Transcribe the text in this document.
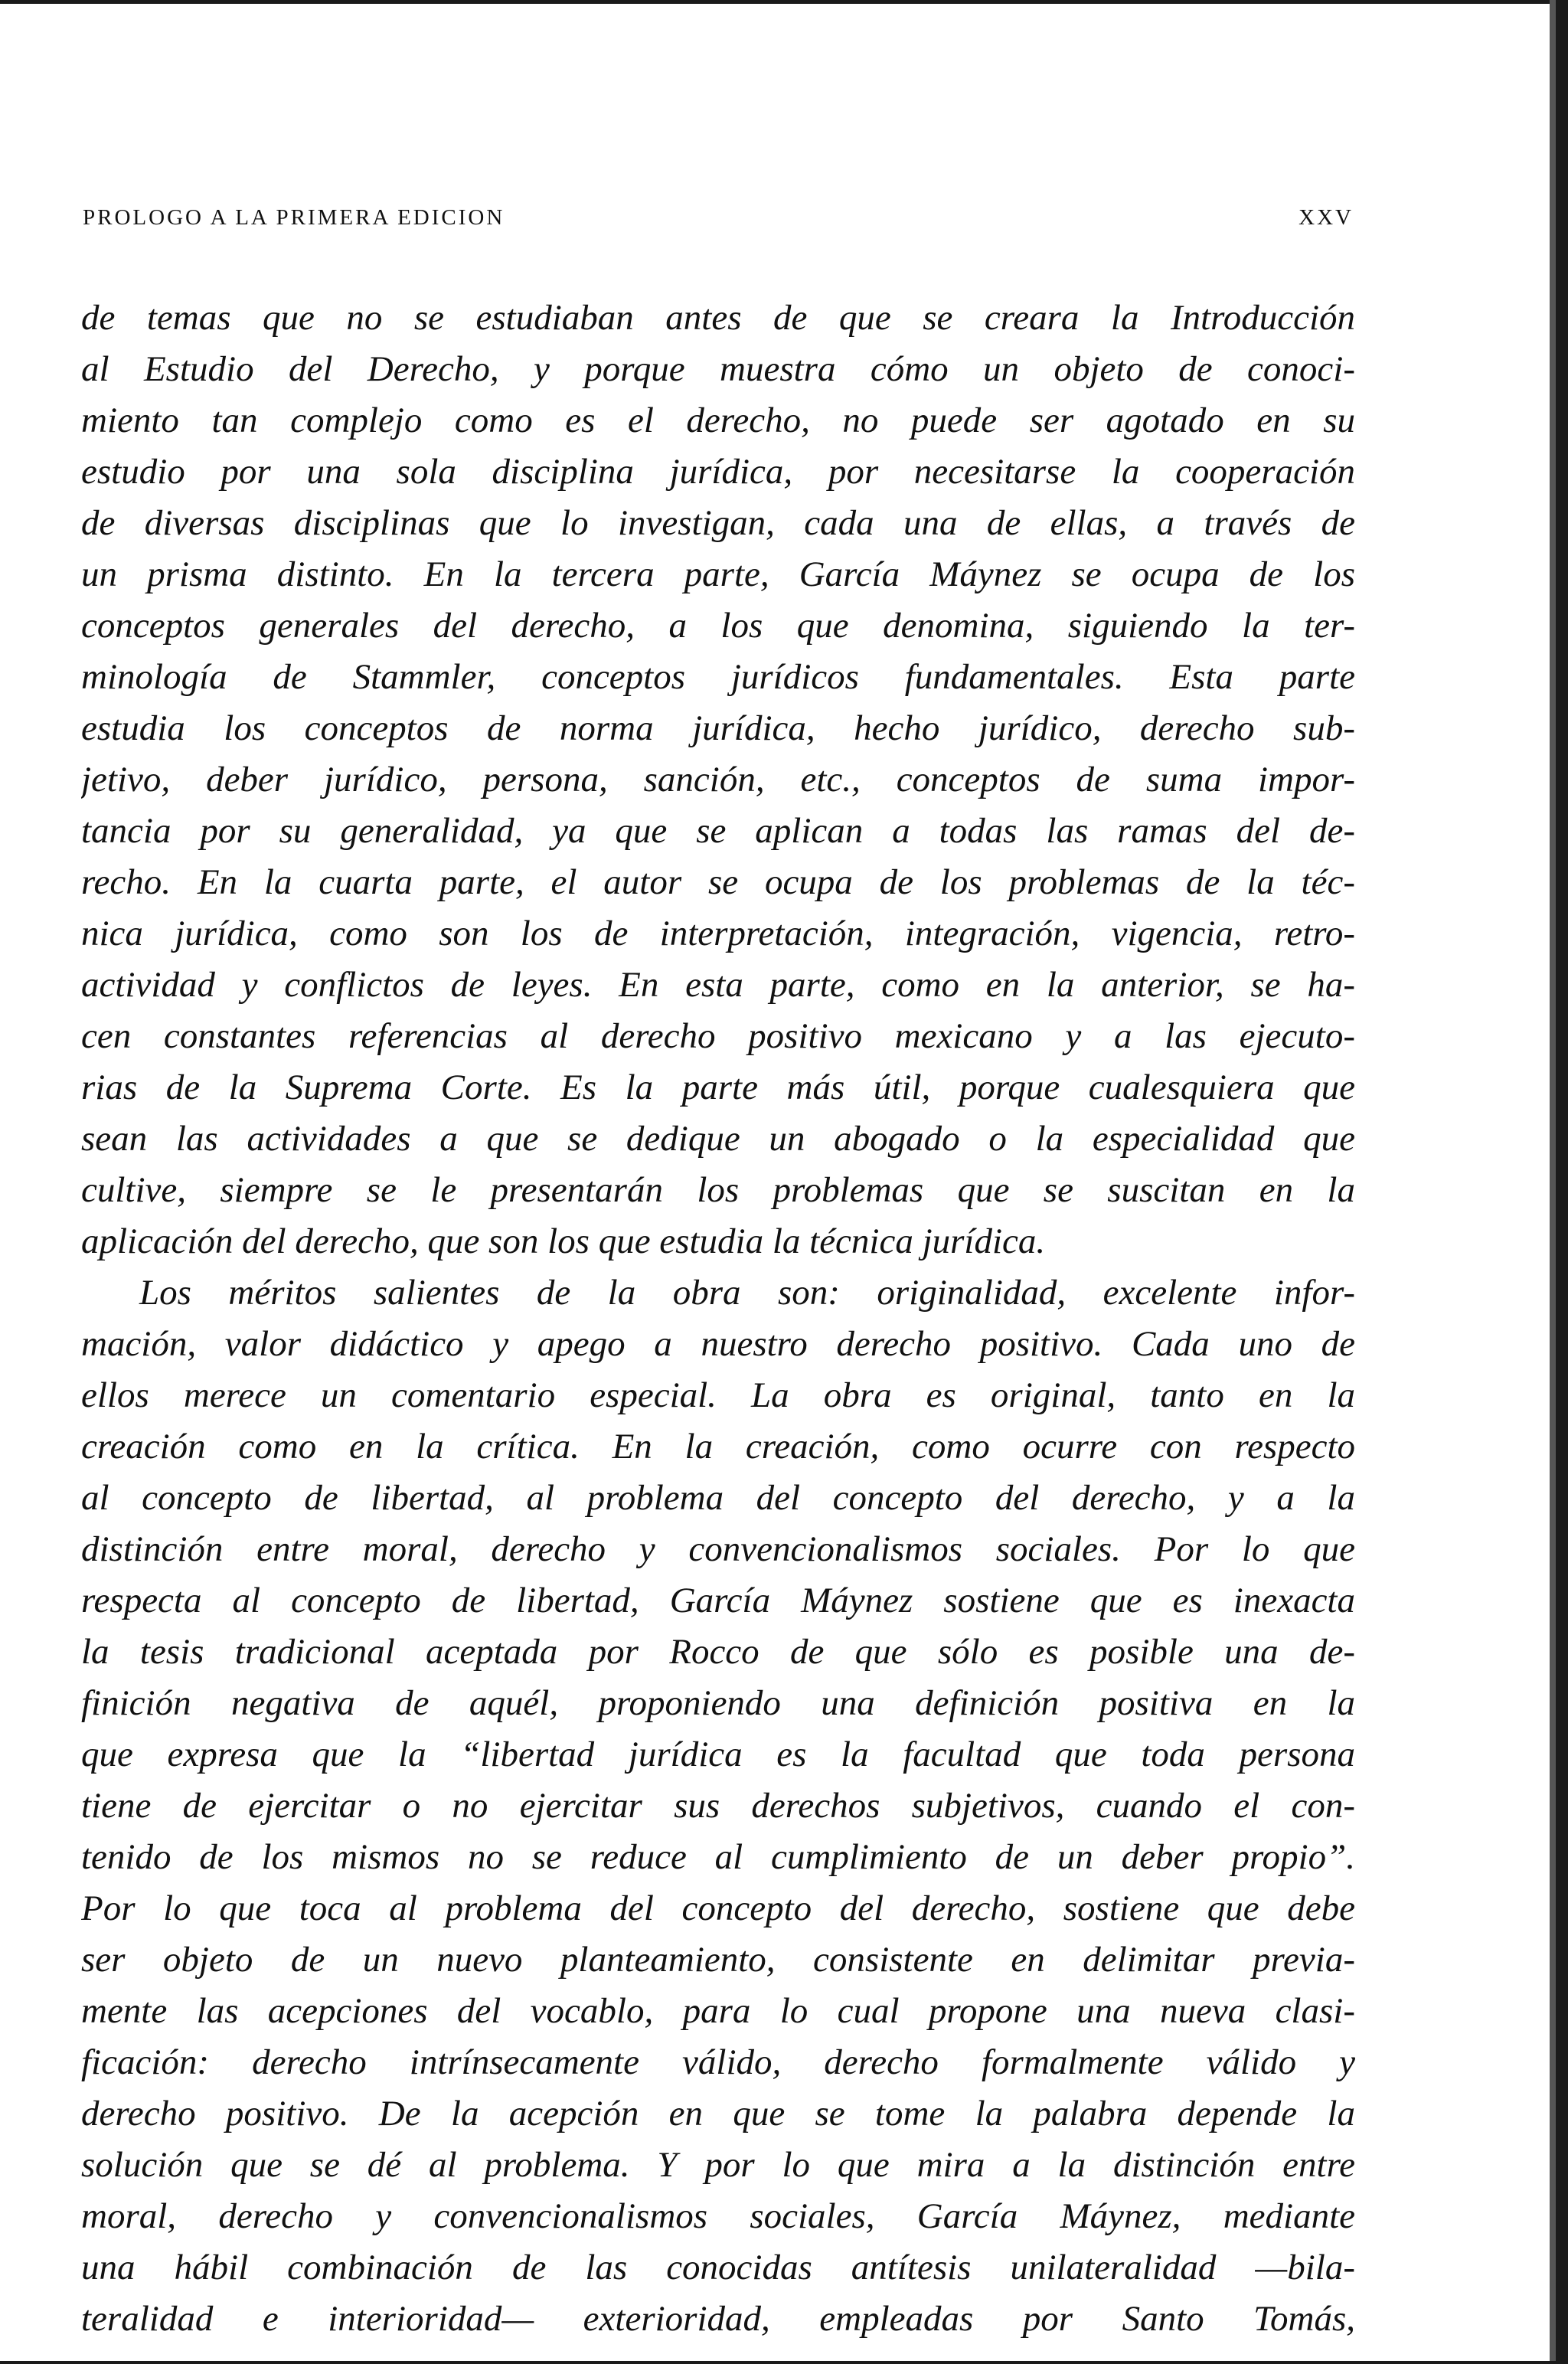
PROLOGO A LA PRIMERA EDICION	XXV
de temas que no se estudiaban antes de que se creara la Introducción
al Estudio del Derecho, y porque muestra cómo un objeto de conoci-
miento tan complejo como es el derecho, no puede ser agotado en su
estudio por una sola disciplina jurídica, por necesitarse la cooperación
de diversas disciplinas que lo investigan, cada una de ellas, a través de
un prisma distinto. En la tercera parte, García Máynez se ocupa de los
conceptos generales del derecho, a los que denomina, siguiendo la ter-
minología de Stammler, conceptos jurídicos fundamentales. Esta parte
estudia los conceptos de norma jurídica, hecho jurídico, derecho sub-
jetivo, deber jurídico, persona, sanción, etc., conceptos de suma impor-
tancia por su generalidad, ya que se aplican a todas las ramas del de-
recho. En la cuarta parte, el autor se ocupa de los problemas de la téc-
nica jurídica, como son los de interpretación, integración, vigencia, retro-
actividad y conflictos de leyes. En esta parte, como en la anterior, se ha-
cen constantes referencias al derecho positivo mexicano y a las ejecuto-
rias de la Suprema Corte. Es la parte más útil, porque cualesquiera que
sean las actividades a que se dedique un abogado o la especialidad que
cultive, siempre se le presentarán los problemas que se suscitan en la
aplicación del derecho, que son los que estudia la técnica jurídica.
Los méritos salientes de la obra son: originalidad, excelente infor-
mación, valor didáctico y apego a nuestro derecho positivo. Cada uno de
ellos merece un comentario especial. La obra es original, tanto en la
creación como en la crítica. En la creación, como ocurre con respecto
al concepto de libertad, al problema del concepto del derecho, y a la
distinción entre moral, derecho y convencionalismos sociales. Por lo que
respecta al concepto de libertad, García Máynez sostiene que es inexacta
la tesis tradicional aceptada por Rocco de que sólo es posible una de-
finición negativa de aquél, proponiendo una definición positiva en la
que expresa que la “libertad jurídica es la facultad que toda persona
tiene de ejercitar o no ejercitar sus derechos subjetivos, cuando el con-
tenido de los mismos no se reduce al cumplimiento de un deber propio”.
Por lo que toca al problema del concepto del derecho, sostiene que debe
ser objeto de un nuevo planteamiento, consistente en delimitar previa-
mente las acepciones del vocablo, para lo cual propone una nueva clasi-
ficación: derecho intrínsecamente válido, derecho formalmente válido y
derecho positivo. De la acepción en que se tome la palabra depende la
solución que se dé al problema. Y por lo que mira a la distinción entre
moral, derecho y convencionalismos sociales, García Máynez, mediante
una hábil combinación de las conocidas antítesis unilateralidad —bila-
teralidad e interioridad— exterioridad, empleadas por Santo Tomás,
